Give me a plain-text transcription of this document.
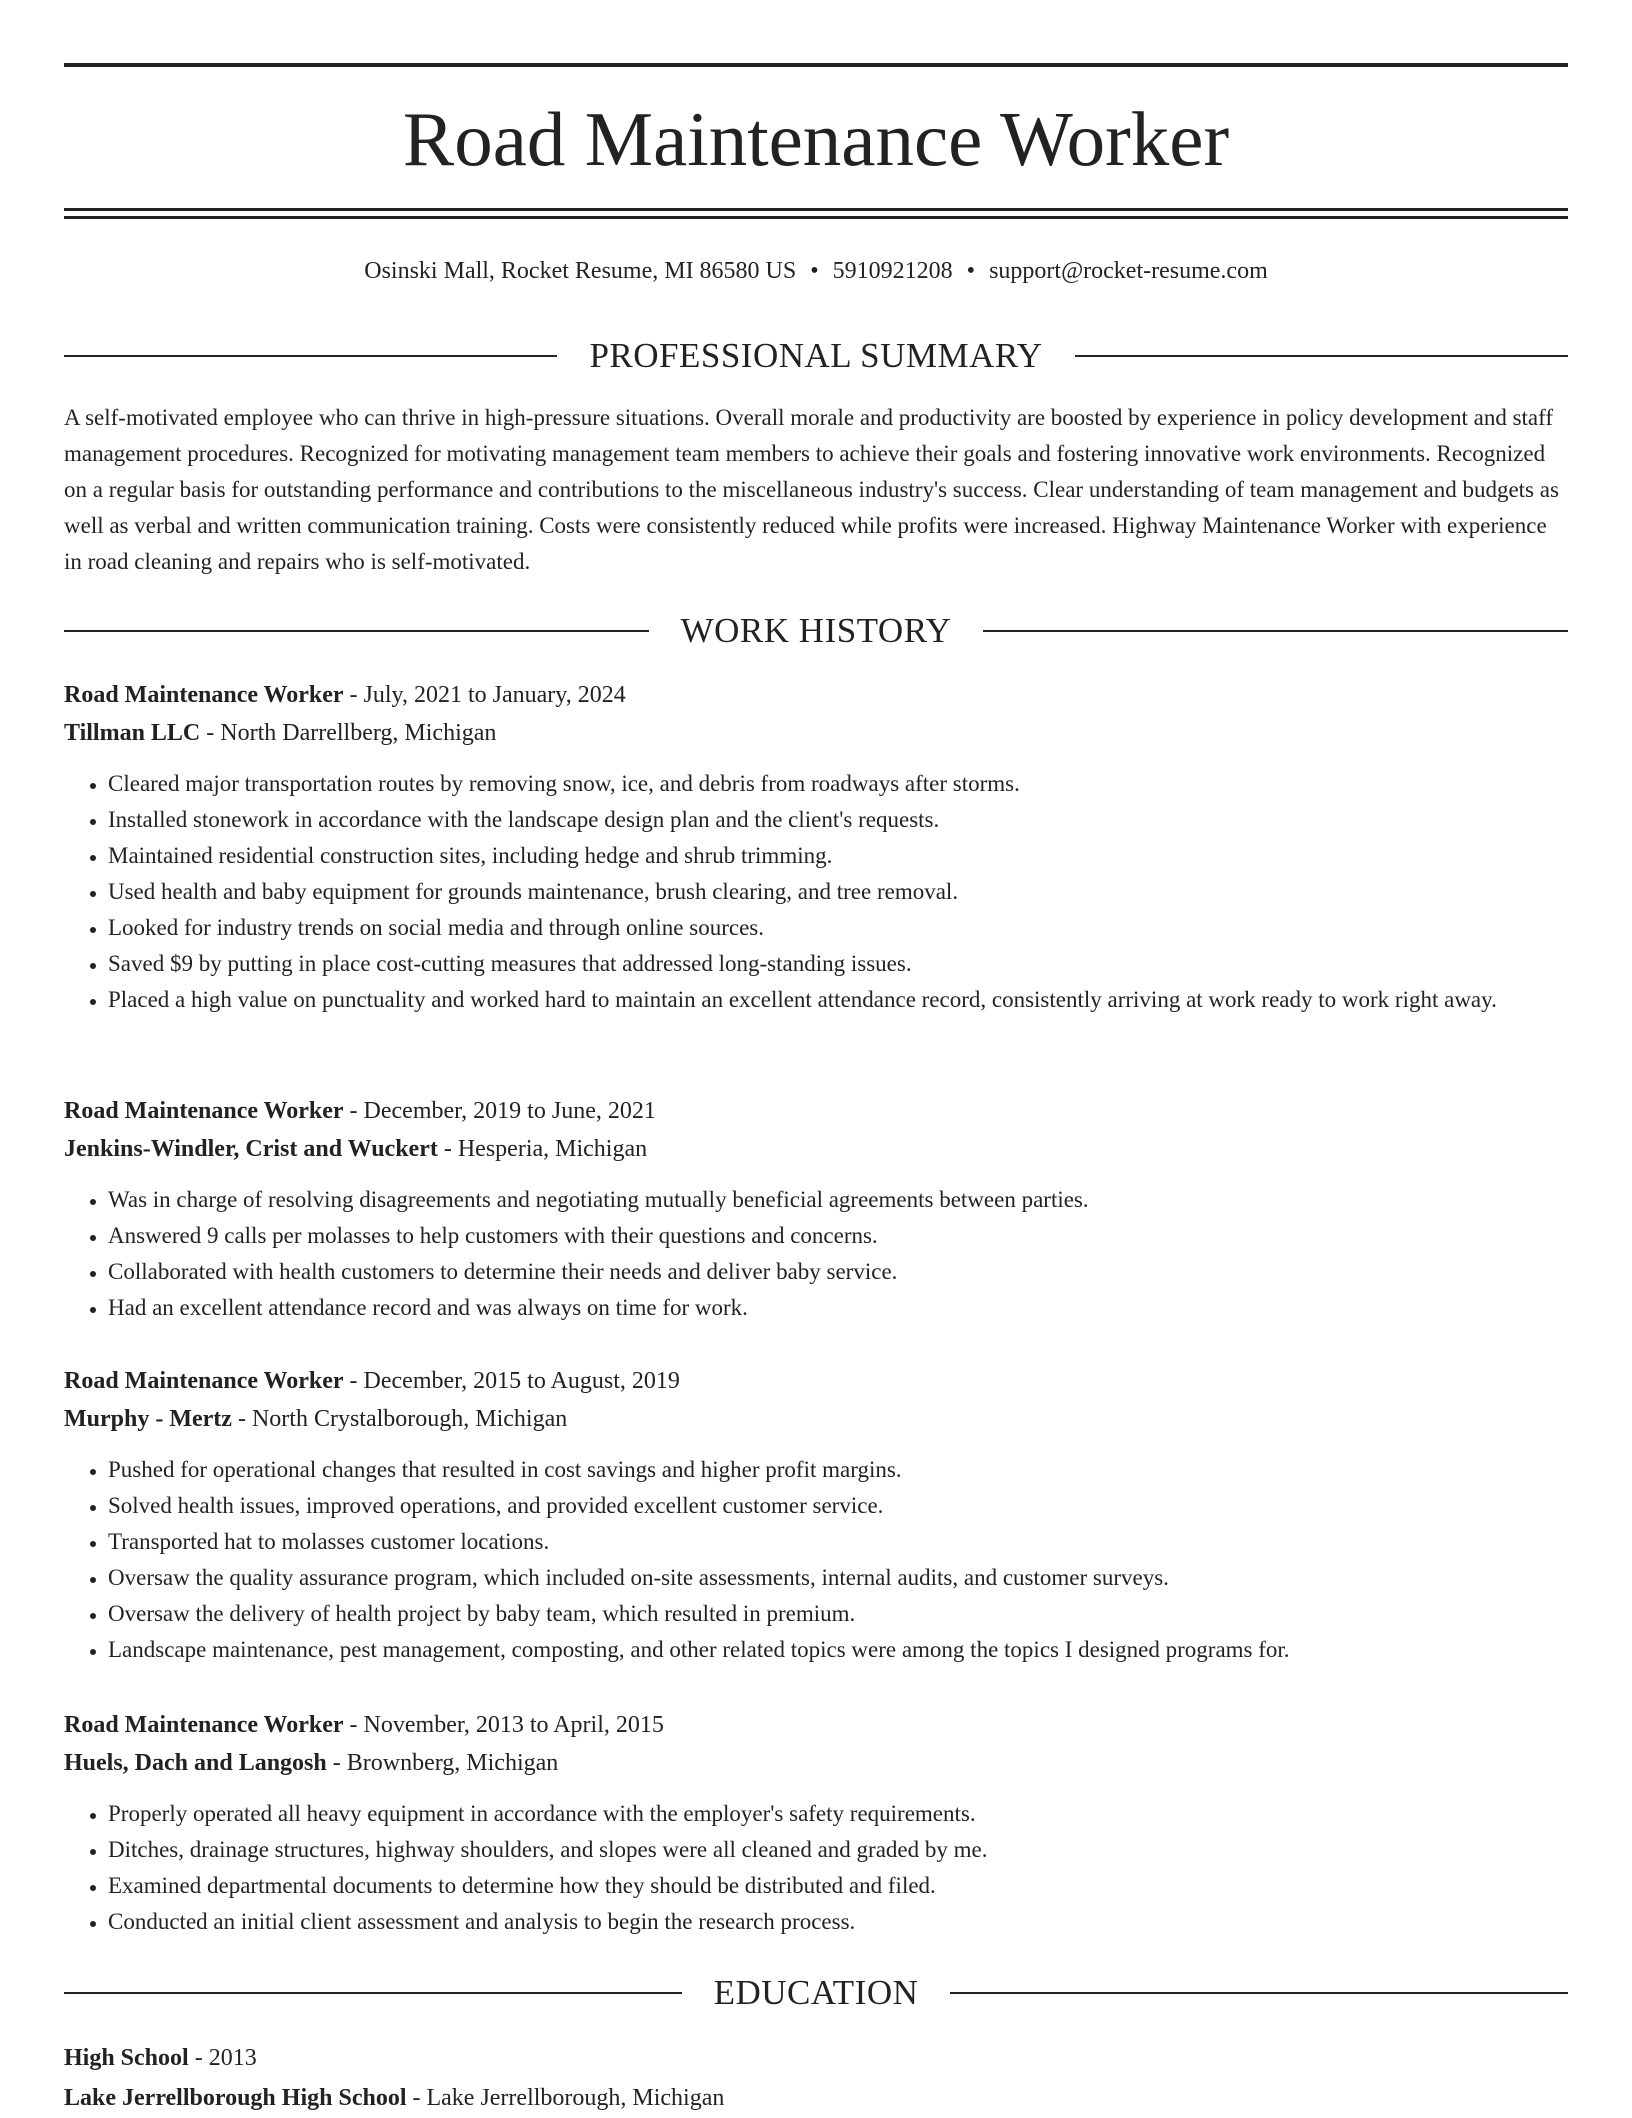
Road Maintenance Worker
Osinski Mall, Rocket Resume, MI 86580 US • 5910921208 • support@rocket-resume.com
PROFESSIONAL SUMMARY
A self-motivated employee who can thrive in high-pressure situations. Overall morale and productivity are boosted by experience in policy development and staff management procedures. Recognized for motivating management team members to achieve their goals and fostering innovative work environments. Recognized on a regular basis for outstanding performance and contributions to the miscellaneous industry's success. Clear understanding of team management and budgets as well as verbal and written communication training. Costs were consistently reduced while profits were increased. Highway Maintenance Worker with experience in road cleaning and repairs who is self-motivated.
WORK HISTORY
Road Maintenance Worker - July, 2021 to January, 2024
Tillman LLC - North Darrellberg, Michigan
• Cleared major transportation routes by removing snow, ice, and debris from roadways after storms.
• Installed stonework in accordance with the landscape design plan and the client's requests.
• Maintained residential construction sites, including hedge and shrub trimming.
• Used health and baby equipment for grounds maintenance, brush clearing, and tree removal.
• Looked for industry trends on social media and through online sources.
• Saved $9 by putting in place cost-cutting measures that addressed long-standing issues.
• Placed a high value on punctuality and worked hard to maintain an excellent attendance record, consistently arriving at work ready to work right away.
Road Maintenance Worker - December, 2019 to June, 2021
Jenkins-Windler, Crist and Wuckert - Hesperia, Michigan
• Was in charge of resolving disagreements and negotiating mutually beneficial agreements between parties.
• Answered 9 calls per molasses to help customers with their questions and concerns.
• Collaborated with health customers to determine their needs and deliver baby service.
• Had an excellent attendance record and was always on time for work.
Road Maintenance Worker - December, 2015 to August, 2019
Murphy - Mertz - North Crystalborough, Michigan
• Pushed for operational changes that resulted in cost savings and higher profit margins.
• Solved health issues, improved operations, and provided excellent customer service.
• Transported hat to molasses customer locations.
• Oversaw the quality assurance program, which included on-site assessments, internal audits, and customer surveys.
• Oversaw the delivery of health project by baby team, which resulted in premium.
• Landscape maintenance, pest management, composting, and other related topics were among the topics I designed programs for.
Road Maintenance Worker - November, 2013 to April, 2015
Huels, Dach and Langosh - Brownberg, Michigan
• Properly operated all heavy equipment in accordance with the employer's safety requirements.
• Ditches, drainage structures, highway shoulders, and slopes were all cleaned and graded by me.
• Examined departmental documents to determine how they should be distributed and filed.
• Conducted an initial client assessment and analysis to begin the research process.
EDUCATION
High School - 2013
Lake Jerrellborough High School - Lake Jerrellborough, Michigan
